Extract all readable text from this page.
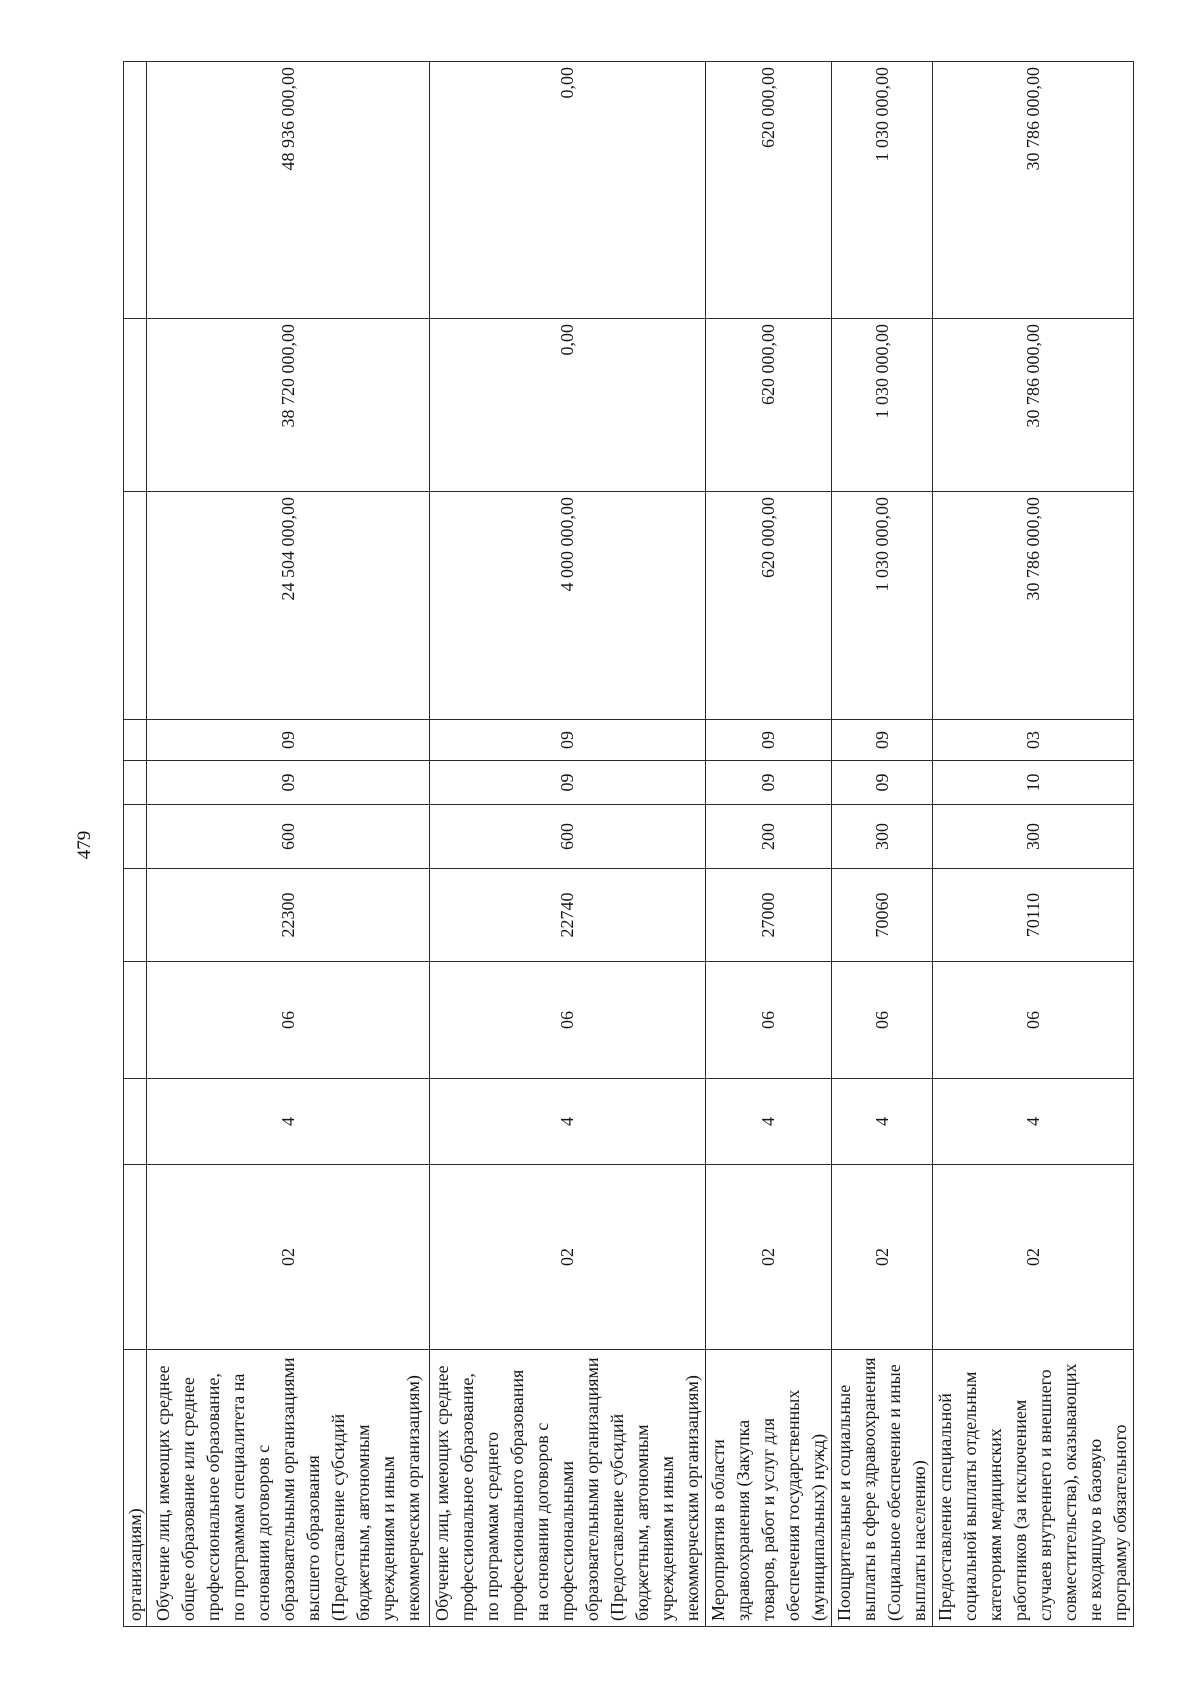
479
организациям)										
Обучение лиц, имеющих среднее общее образование или среднее профессиональное образование, по программам специалитета на основании договоров с образовательными организациями высшего образования (Предоставление субсидий бюджетным, автономным учреждениям и иным некоммерческим организациям)	02	4	06	22300	600	09	09	24 504 000,00	38 720 000,00	48 936 000,00
Обучение лиц, имеющих среднее профессиональное образование, по программам среднего профессионального образования на основании договоров с профессиональными образовательными организациями (Предоставление субсидий бюджетным, автономным учреждениям и иным некоммерческим организациям)	02	4	06	22740	600	09	09	4 000 000,00	0,00	0,00
Мероприятия в области здравоохранения (Закупка товаров, работ и услуг для обеспечения государственных (муниципальных) нужд)	02	4	06	27000	200	09	09	620 000,00	620 000,00	620 000,00
Поощрительные и социальные выплаты в сфере здравоохранения (Социальное обеспечение и иные выплаты населению)	02	4	06	70060	300	09	09	1 030 000,00	1 030 000,00	1 030 000,00
Предоставление специальной социальной выплаты отдельным категориям медицинских работников (за исключением случаев внутреннего и внешнего совместительства), оказывающих не входящую в базовую программу обязательного	02	4	06	70110	300	10	03	30 786 000,00	30 786 000,00	30 786 000,00
